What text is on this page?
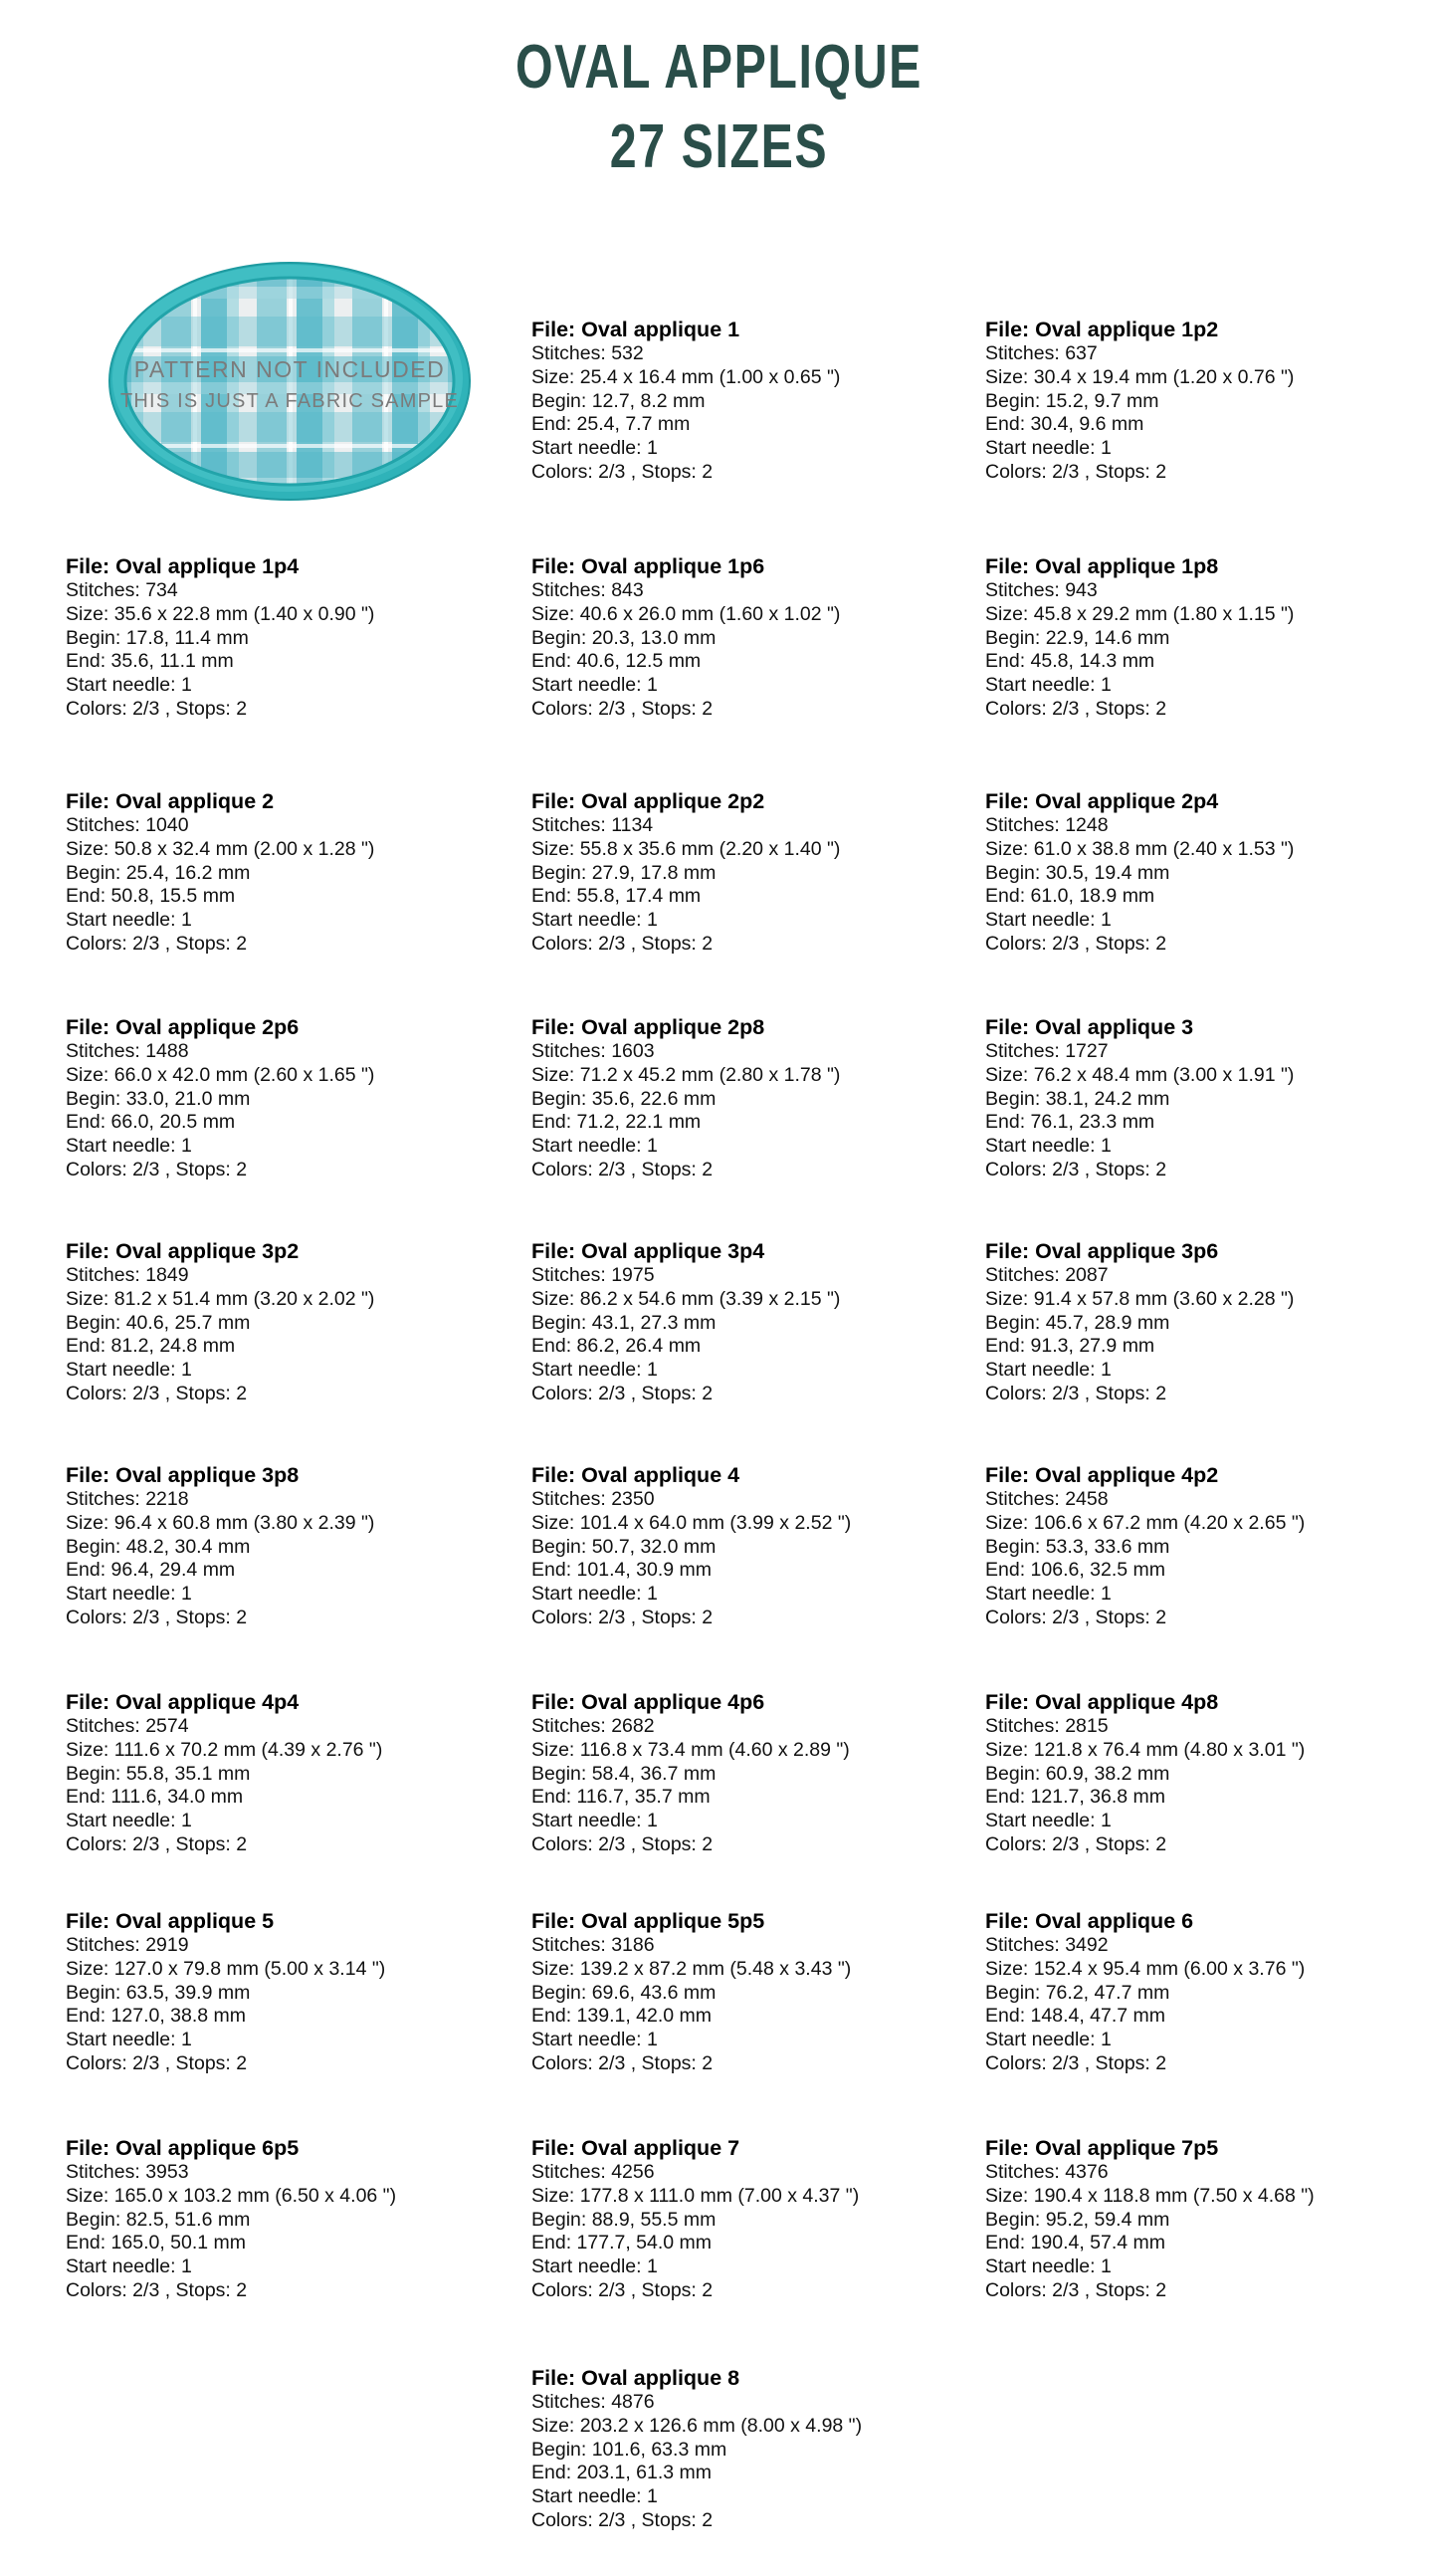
OVAL APPLIQUE
27 SIZES
PATTERN NOT INCLUDED
THIS IS JUST A FABRIC SAMPLE
File: Oval applique 1
Stitches: 532
Size: 25.4 x 16.4 mm (1.00 x 0.65 ")
Begin: 12.7, 8.2 mm
End: 25.4, 7.7 mm
Start needle: 1
Colors: 2/3 , Stops: 2
File: Oval applique 1p2
Stitches: 637
Size: 30.4 x 19.4 mm (1.20 x 0.76 ")
Begin: 15.2, 9.7 mm
End: 30.4, 9.6 mm
Start needle: 1
Colors: 2/3 , Stops: 2
File: Oval applique 1p4
Stitches: 734
Size: 35.6 x 22.8 mm (1.40 x 0.90 ")
Begin: 17.8, 11.4 mm
End: 35.6, 11.1 mm
Start needle: 1
Colors: 2/3 , Stops: 2
File: Oval applique 1p6
Stitches: 843
Size: 40.6 x 26.0 mm (1.60 x 1.02 ")
Begin: 20.3, 13.0 mm
End: 40.6, 12.5 mm
Start needle: 1
Colors: 2/3 , Stops: 2
File: Oval applique 1p8
Stitches: 943
Size: 45.8 x 29.2 mm (1.80 x 1.15 ")
Begin: 22.9, 14.6 mm
End: 45.8, 14.3 mm
Start needle: 1
Colors: 2/3 , Stops: 2
File: Oval applique 2
Stitches: 1040
Size: 50.8 x 32.4 mm (2.00 x 1.28 ")
Begin: 25.4, 16.2 mm
End: 50.8, 15.5 mm
Start needle: 1
Colors: 2/3 , Stops: 2
File: Oval applique 2p2
Stitches: 1134
Size: 55.8 x 35.6 mm (2.20 x 1.40 ")
Begin: 27.9, 17.8 mm
End: 55.8, 17.4 mm
Start needle: 1
Colors: 2/3 , Stops: 2
File: Oval applique 2p4
Stitches: 1248
Size: 61.0 x 38.8 mm (2.40 x 1.53 ")
Begin: 30.5, 19.4 mm
End: 61.0, 18.9 mm
Start needle: 1
Colors: 2/3 , Stops: 2
File: Oval applique 2p6
Stitches: 1488
Size: 66.0 x 42.0 mm (2.60 x 1.65 ")
Begin: 33.0, 21.0 mm
End: 66.0, 20.5 mm
Start needle: 1
Colors: 2/3 , Stops: 2
File: Oval applique 2p8
Stitches: 1603
Size: 71.2 x 45.2 mm (2.80 x 1.78 ")
Begin: 35.6, 22.6 mm
End: 71.2, 22.1 mm
Start needle: 1
Colors: 2/3 , Stops: 2
File: Oval applique 3
Stitches: 1727
Size: 76.2 x 48.4 mm (3.00 x 1.91 ")
Begin: 38.1, 24.2 mm
End: 76.1, 23.3 mm
Start needle: 1
Colors: 2/3 , Stops: 2
File: Oval applique 3p2
Stitches: 1849
Size: 81.2 x 51.4 mm (3.20 x 2.02 ")
Begin: 40.6, 25.7 mm
End: 81.2, 24.8 mm
Start needle: 1
Colors: 2/3 , Stops: 2
File: Oval applique 3p4
Stitches: 1975
Size: 86.2 x 54.6 mm (3.39 x 2.15 ")
Begin: 43.1, 27.3 mm
End: 86.2, 26.4 mm
Start needle: 1
Colors: 2/3 , Stops: 2
File: Oval applique 3p6
Stitches: 2087
Size: 91.4 x 57.8 mm (3.60 x 2.28 ")
Begin: 45.7, 28.9 mm
End: 91.3, 27.9 mm
Start needle: 1
Colors: 2/3 , Stops: 2
File: Oval applique 3p8
Stitches: 2218
Size: 96.4 x 60.8 mm (3.80 x 2.39 ")
Begin: 48.2, 30.4 mm
End: 96.4, 29.4 mm
Start needle: 1
Colors: 2/3 , Stops: 2
File: Oval applique 4
Stitches: 2350
Size: 101.4 x 64.0 mm (3.99 x 2.52 ")
Begin: 50.7, 32.0 mm
End: 101.4, 30.9 mm
Start needle: 1
Colors: 2/3 , Stops: 2
File: Oval applique 4p2
Stitches: 2458
Size: 106.6 x 67.2 mm (4.20 x 2.65 ")
Begin: 53.3, 33.6 mm
End: 106.6, 32.5 mm
Start needle: 1
Colors: 2/3 , Stops: 2
File: Oval applique 4p4
Stitches: 2574
Size: 111.6 x 70.2 mm (4.39 x 2.76 ")
Begin: 55.8, 35.1 mm
End: 111.6, 34.0 mm
Start needle: 1
Colors: 2/3 , Stops: 2
File: Oval applique 4p6
Stitches: 2682
Size: 116.8 x 73.4 mm (4.60 x 2.89 ")
Begin: 58.4, 36.7 mm
End: 116.7, 35.7 mm
Start needle: 1
Colors: 2/3 , Stops: 2
File: Oval applique 4p8
Stitches: 2815
Size: 121.8 x 76.4 mm (4.80 x 3.01 ")
Begin: 60.9, 38.2 mm
End: 121.7, 36.8 mm
Start needle: 1
Colors: 2/3 , Stops: 2
File: Oval applique 5
Stitches: 2919
Size: 127.0 x 79.8 mm (5.00 x 3.14 ")
Begin: 63.5, 39.9 mm
End: 127.0, 38.8 mm
Start needle: 1
Colors: 2/3 , Stops: 2
File: Oval applique 5p5
Stitches: 3186
Size: 139.2 x 87.2 mm (5.48 x 3.43 ")
Begin: 69.6, 43.6 mm
End: 139.1, 42.0 mm
Start needle: 1
Colors: 2/3 , Stops: 2
File: Oval applique 6
Stitches: 3492
Size: 152.4 x 95.4 mm (6.00 x 3.76 ")
Begin: 76.2, 47.7 mm
End: 148.4, 47.7 mm
Start needle: 1
Colors: 2/3 , Stops: 2
File: Oval applique 6p5
Stitches: 3953
Size: 165.0 x 103.2 mm (6.50 x 4.06 ")
Begin: 82.5, 51.6 mm
End: 165.0, 50.1 mm
Start needle: 1
Colors: 2/3 , Stops: 2
File: Oval applique 7
Stitches: 4256
Size: 177.8 x 111.0 mm (7.00 x 4.37 ")
Begin: 88.9, 55.5 mm
End: 177.7, 54.0 mm
Start needle: 1
Colors: 2/3 , Stops: 2
File: Oval applique 7p5
Stitches: 4376
Size: 190.4 x 118.8 mm (7.50 x 4.68 ")
Begin: 95.2, 59.4 mm
End: 190.4, 57.4 mm
Start needle: 1
Colors: 2/3 , Stops: 2
File: Oval applique 8
Stitches: 4876
Size: 203.2 x 126.6 mm (8.00 x 4.98 ")
Begin: 101.6, 63.3 mm
End: 203.1, 61.3 mm
Start needle: 1
Colors: 2/3 , Stops: 2
